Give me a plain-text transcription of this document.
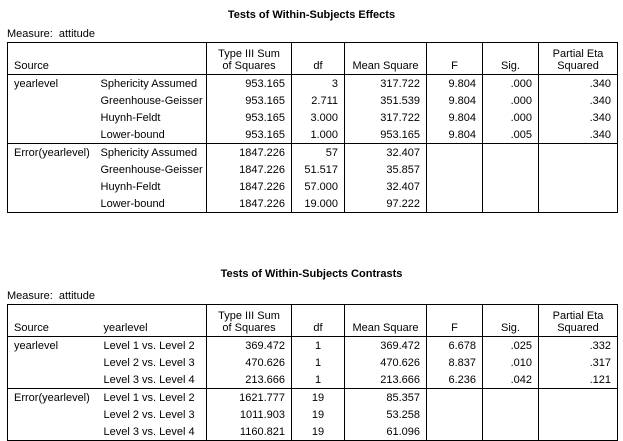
Tests of Within-Subjects Effects
Measure: attitude
Source		Type III Sum
of Squares	df	Mean Square	F	Sig.	Partial Eta
Squared
yearlevel	Sphericity Assumed	953.165	3	317.722	9.804	.000	.340
	Greenhouse-Geisser	953.165	2.711	351.539	9.804	.000	.340
	Huynh-Feldt	953.165	3.000	317.722	9.804	.000	.340
	Lower-bound	953.165	1.000	953.165	9.804	.005	.340
Error(yearlevel)	Sphericity Assumed	1847.226	57	32.407			
	Greenhouse-Geisser	1847.226	51.517	35.857			
	Huynh-Feldt	1847.226	57.000	32.407			
	Lower-bound	1847.226	19.000	97.222			
Tests of Within-Subjects Contrasts
Measure: attitude
Source	yearlevel	Type III Sum
of Squares	df	Mean Square	F	Sig.	Partial Eta
Squared
yearlevel	Level 1 vs. Level 2	369.472	1	369.472	6.678	.025	.332
	Level 2 vs. Level 3	470.626	1	470.626	8.837	.010	.317
	Level 3 vs. Level 4	213.666	1	213.666	6.236	.042	.121
Error(yearlevel)	Level 1 vs. Level 2	1621.777	19	85.357			
	Level 2 vs. Level 3	1011.903	19	53.258			
	Level 3 vs. Level 4	1160.821	19	61.096			
